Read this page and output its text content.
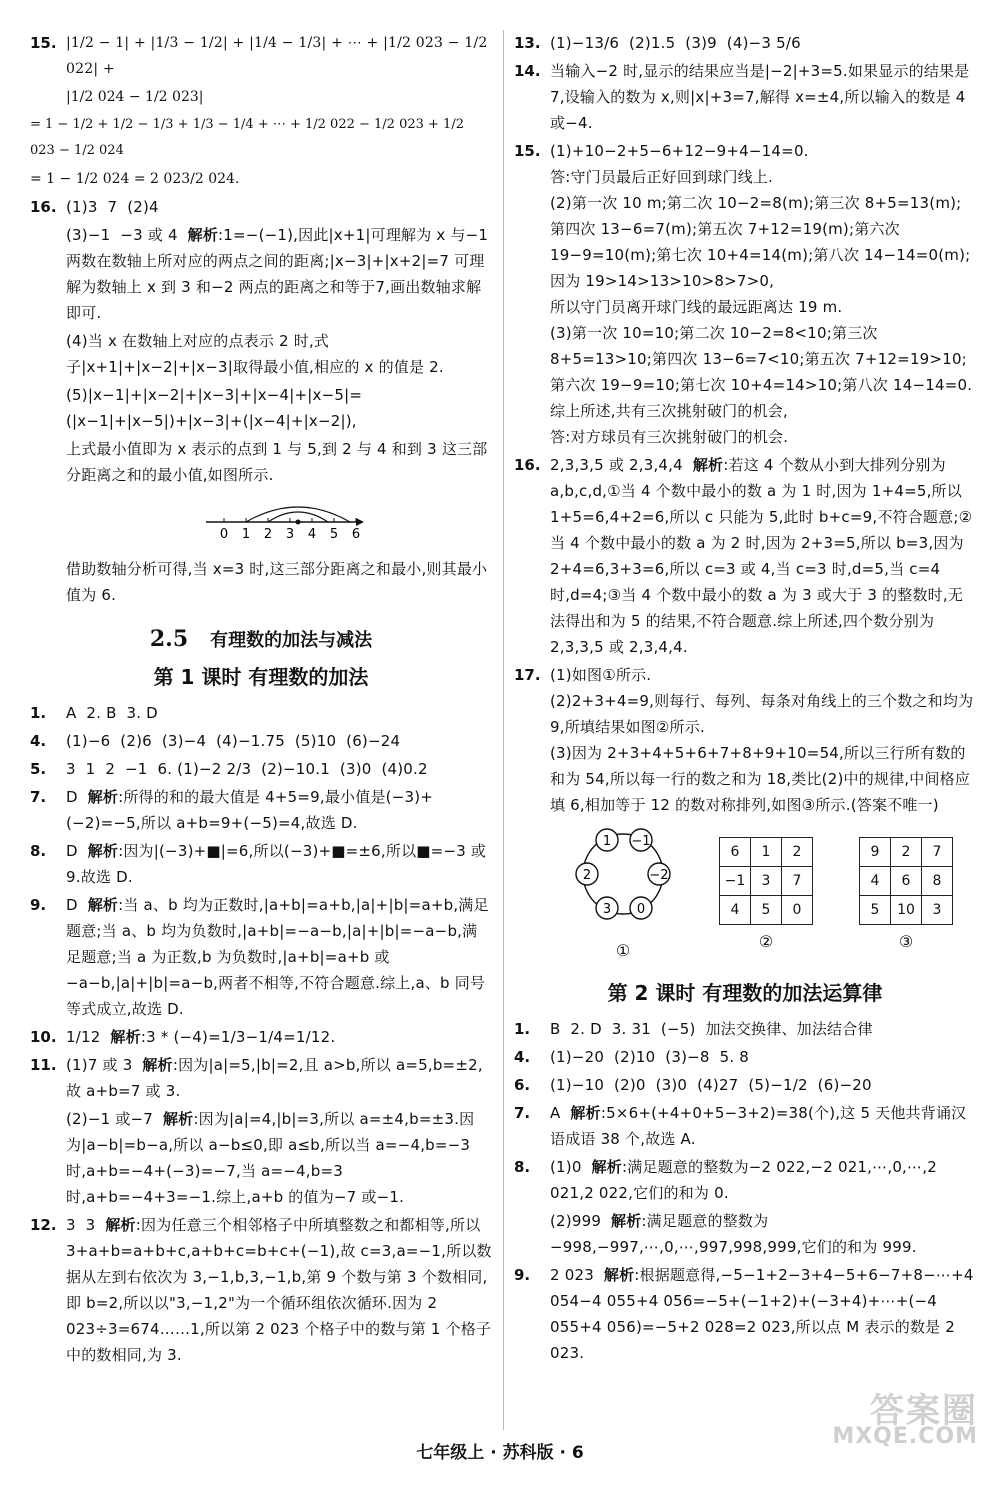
15. |1/2 − 1| + |1/3 − 1/2| + |1/4 − 1/3| + ⋯ + |1/2 023 − 1/2 022| +
|1/2 024 − 1/2 023|
= 1 − 1/2 + 1/2 − 1/3 + 1/3 − 1/4 + ⋯ + 1/2 022 − 1/2 023 + 1/2 023 − 1/2 024
= 1 − 1/2 024 = 2 023/2 024.
16. (1)3  7  (2)4
(3)−1  −3 或 4  解析:1=−(−1),因此|x+1|可理解为 x 与−1 两数在数轴上所对应的两点之间的距离;|x−3|+|x+2|=7 可理解为数轴上 x 到 3 和−2 两点的距离之和等于7,画出数轴求解即可.
(4)当 x 在数轴上对应的点表示 2 时,式子|x+1|+|x−2|+|x−3|取得最小值,相应的 x 的值是 2.
(5)|x−1|+|x−2|+|x−3|+|x−4|+|x−5|=(|x−1|+|x−5|)+|x−3|+(|x−4|+|x−2|),
上式最小值即为 x 表示的点到 1 与 5,到 2 与 4 和到 3 这三部分距离之和的最小值,如图所示.
0 1 2 3 4 5 6
借助数轴分析可得,当 x=3 时,这三部分距离之和最小,则其最小值为 6.
2.5 有理数的加法与减法
第 1 课时 有理数的加法
1.	A  2. B  3. D
4.	(1)−6  (2)6  (3)−4  (4)−1.75  (5)10  (6)−24
5.	3  1  2  −1  6. (1)−2 2/3  (2)−10.1  (3)0  (4)0.2
7.	D  解析:所得的和的最大值是 4+5=9,最小值是(−3)+(−2)=−5,所以 a+b=9+(−5)=4,故选 D.
8.	D  解析:因为|(−3)+■|=6,所以(−3)+■=±6,所以■=−3 或 9.故选 D.
9.	D  解析:当 a、b 均为正数时,|a+b|=a+b,|a|+|b|=a+b,满足题意;当 a、b 均为负数时,|a+b|=−a−b,|a|+|b|=−a−b,满足题意;当 a 为正数,b 为负数时,|a+b|=a+b 或−a−b,|a|+|b|=a−b,两者不相等,不符合题意.综上,a、b 同号等式成立,故选 D.
10. 1/12  解析:3 * (−4)=1/3−1/4=1/12.
11. (1)7 或 3  解析:因为|a|=5,|b|=2,且 a>b,所以 a=5,b=±2,故 a+b=7 或 3.
(2)−1 或−7  解析:因为|a|=4,|b|=3,所以 a=±4,b=±3.因为|a−b|=b−a,所以 a−b≤0,即 a≤b,所以当 a=−4,b=−3 时,a+b=−4+(−3)=−7,当 a=−4,b=3 时,a+b=−4+3=−1.综上,a+b 的值为−7 或−1.
12. 3  3  解析:因为任意三个相邻格子中所填整数之和都相等,所以 3+a+b=a+b+c,a+b+c=b+c+(−1),故 c=3,a=−1,所以数据从左到右依次为 3,−1,b,3,−1,b,第 9 个数与第 3 个数相同,即 b=2,所以以"3,−1,2"为一个循环组依次循环.因为 2 023÷3=674……1,所以第 2 023 个格子中的数与第 1 个格子中的数相同,为 3.
13. (1)−13/6  (2)1.5  (3)9  (4)−3 5/6
14. 当输入−2 时,显示的结果应当是|−2|+3=5.如果显示的结果是 7,设输入的数为 x,则|x|+3=7,解得 x=±4,所以输入的数是 4 或−4.
15. (1)+10−2+5−6+12−9+4−14=0.
答:守门员最后正好回到球门线上.
(2)第一次 10 m;第二次 10−2=8(m);第三次 8+5=13(m);第四次 13−6=7(m);第五次 7+12=19(m);第六次 19−9=10(m);第七次 10+4=14(m);第八次 14−14=0(m);因为 19>14>13>10>8>7>0,
所以守门员离开球门线的最远距离达 19 m.
(3)第一次 10=10;第二次 10−2=8<10;第三次 8+5=13>10;第四次 13−6=7<10;第五次 7+12=19>10;第六次 19−9=10;第七次 10+4=14>10;第八次 14−14=0.综上所述,共有三次挑射破门的机会,
答:对方球员有三次挑射破门的机会.
16. 2,3,3,5 或 2,3,4,4  解析:若这 4 个数从小到大排列分别为 a,b,c,d,①当 4 个数中最小的数 a 为 1 时,因为 1+4=5,所以 1+5=6,4+2=6,所以 c 只能为 5,此时 b+c=9,不符合题意;②当 4 个数中最小的数 a 为 2 时,因为 2+3=5,所以 b=3,因为 2+4=6,3+3=6,所以 c=3 或 4,当 c=3 时,d=5,当 c=4 时,d=4;③当 4 个数中最小的数 a 为 3 或大于 3 的整数时,无法得出和为 5 的结果,不符合题意.综上所述,四个数分别为 2,3,3,5 或 2,3,4,4.
17. (1)如图①所示.
(2)2+3+4=9,则每行、每列、每条对角线上的三个数之和均为 9,所填结果如图②所示.
(3)因为 2+3+4+5+6+7+8+9+10=54,所以三行所有数的和为 54,所以每一行的数之和为 18,类比(2)中的规律,中间格应填 6,相加等于 12 的数对称排列,如图③所示.(答案不唯一)
1 −1
−2
0
3
2
①
6	1	2
−1	3	7
4	5	0
②
9	2	7
4	6	8
5	10	3
③
第 2 课时 有理数的加法运算律
1.	B  2. D  3. 31  (−5)  加法交换律、加法结合律
4.	(1)−20  (2)10  (3)−8  5. 8
6.	(1)−10  (2)0  (3)0  (4)27  (5)−1/2  (6)−20
7.	A  解析:5×6+(+4+0+5−3+2)=38(个),这 5 天他共背诵汉语成语 38 个,故选 A.
8.	(1)0  解析:满足题意的整数为−2 022,−2 021,⋯,0,⋯,2 021,2 022,它们的和为 0.
(2)999  解析:满足题意的整数为−998,−997,⋯,0,⋯,997,998,999,它们的和为 999.
9.	2 023  解析:根据题意得,−5−1+2−3+4−5+6−7+8−⋯+4 054−4 055+4 056=−5+(−1+2)+(−3+4)+⋯+(−4 055+4 056)=−5+2 028=2 023,所以点 M 表示的数是 2 023.
七年级上 · 苏科版 · 6
答案圈
MXQE.COM
